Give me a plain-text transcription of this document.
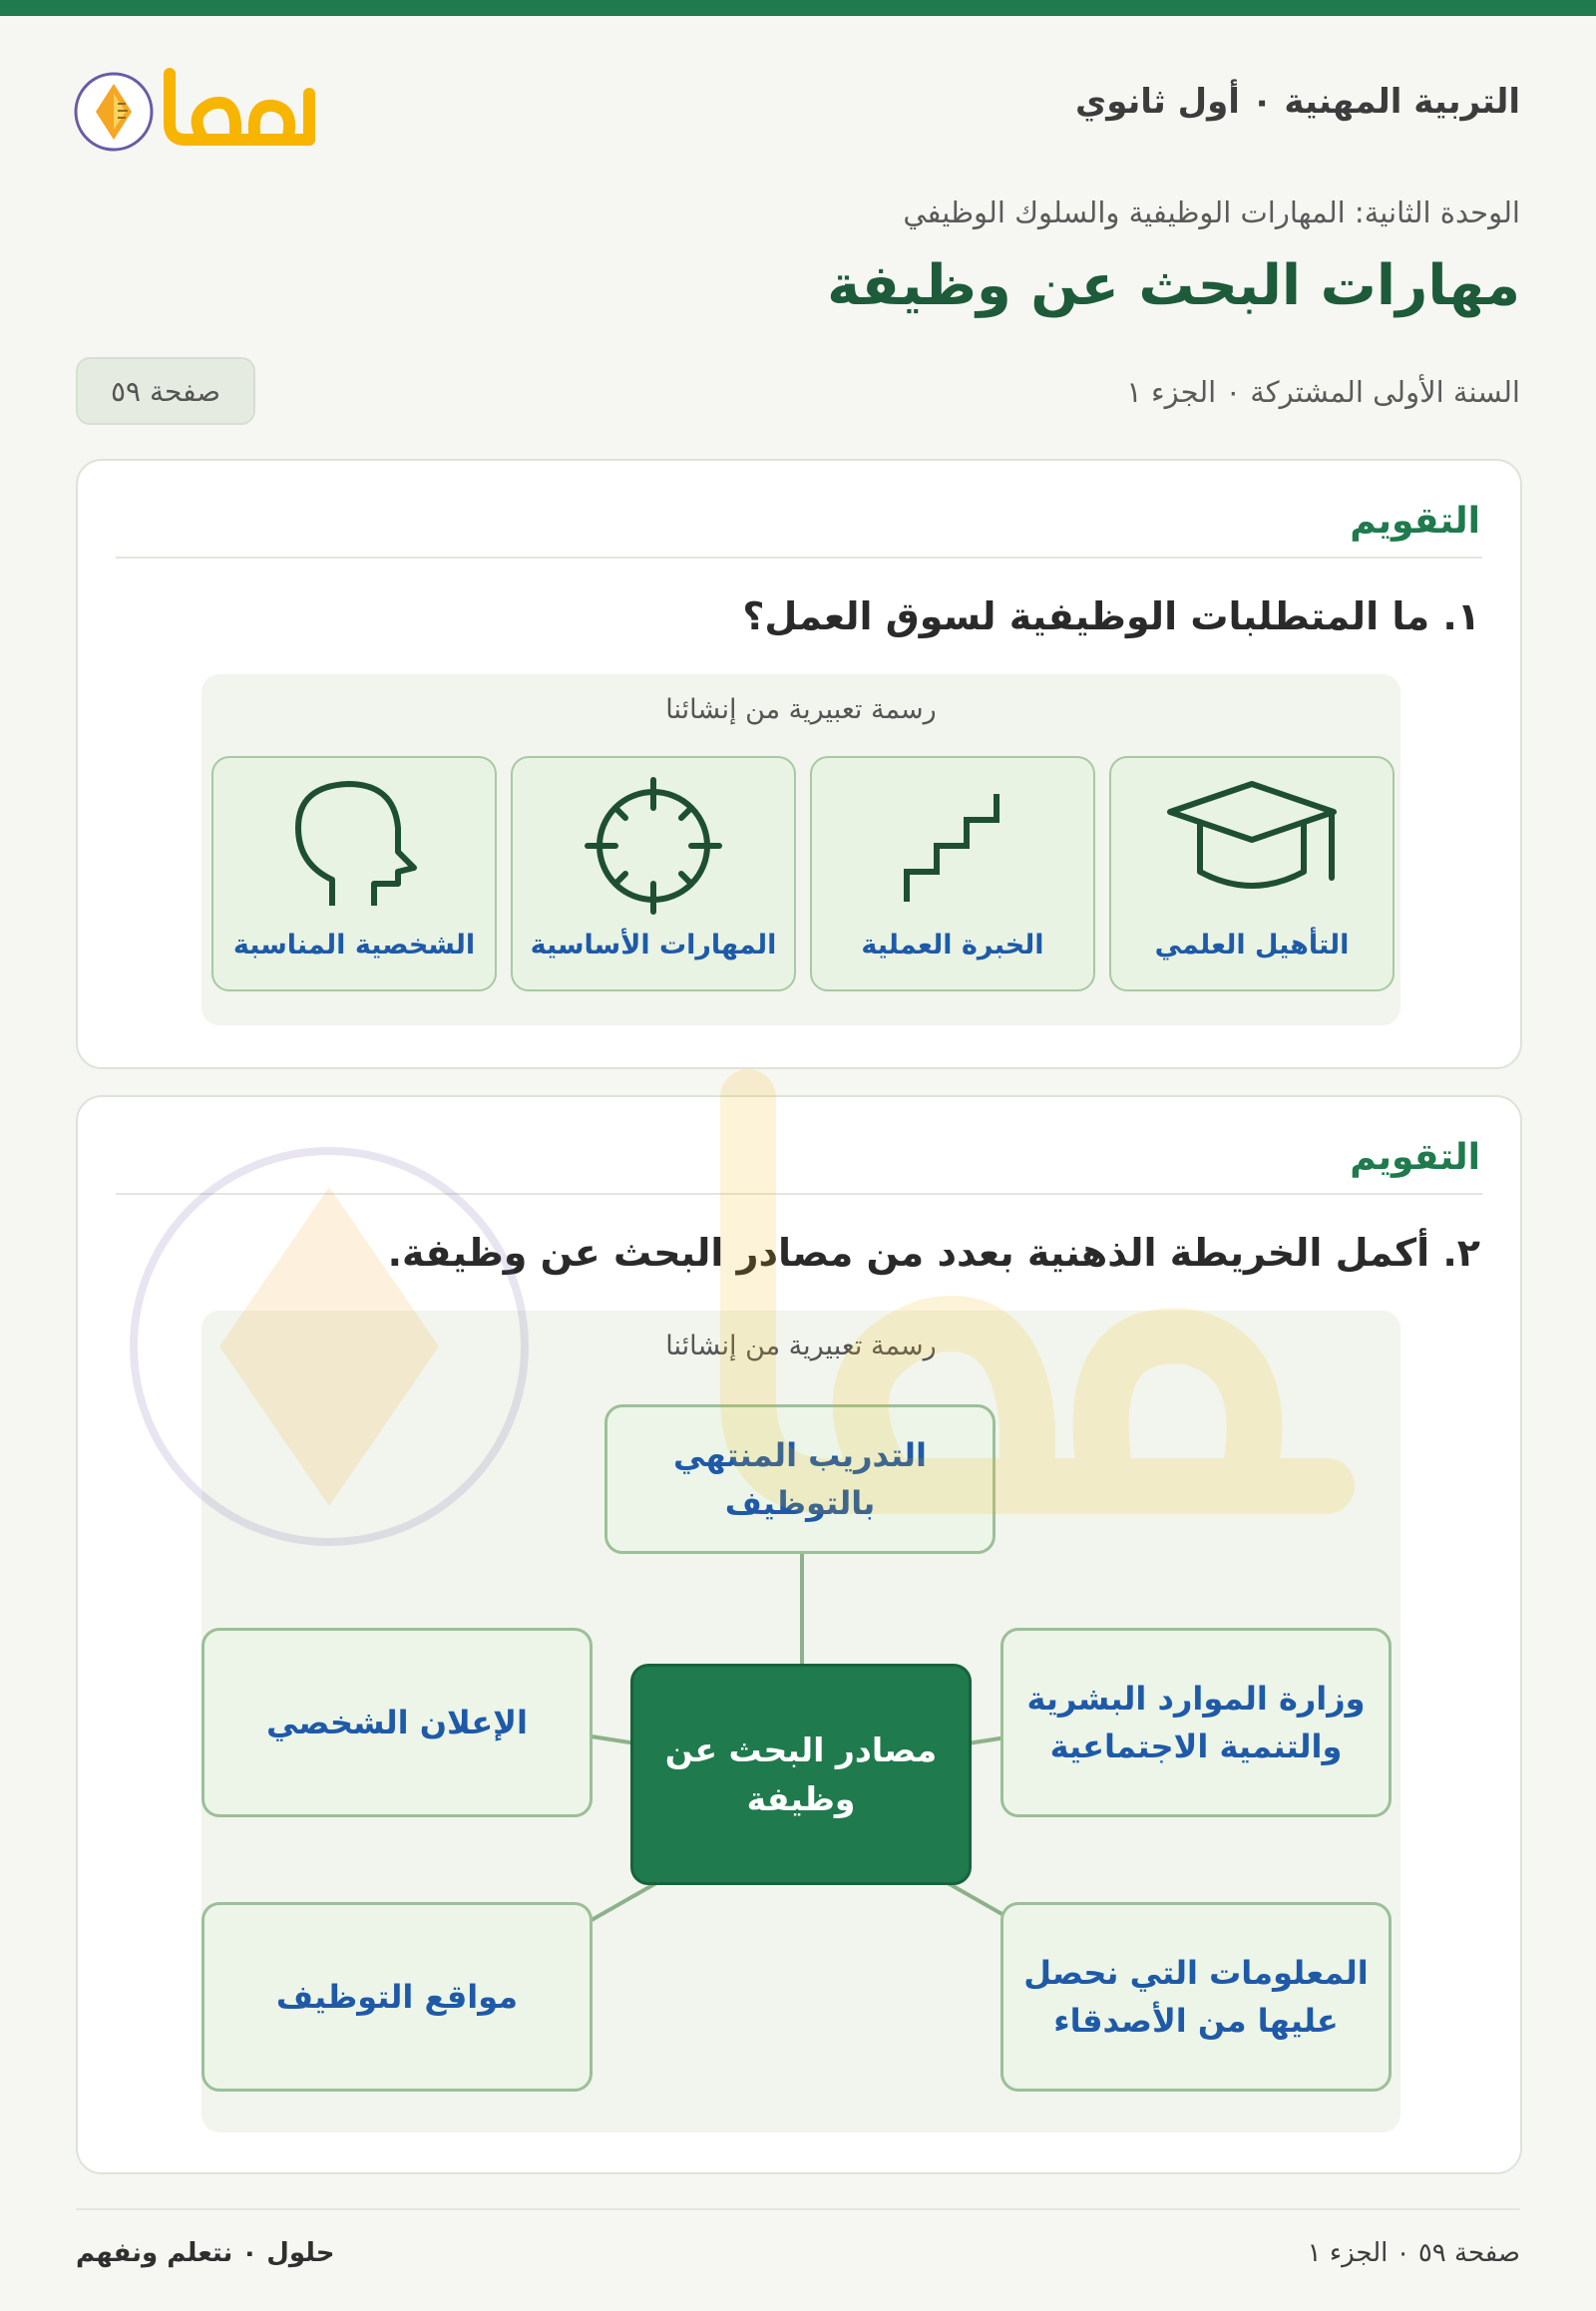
التربية المهنية ٠ أول ثانوي
الوحدة الثانية: المهارات الوظيفية والسلوك الوظيفي
مهارات البحث عن وظيفة
السنة الأولى المشتركة ٠ الجزء ١
صفحة ٥٩
التقويم
١. ما المتطلبات الوظيفية لسوق العمل؟
رسمة تعبيرية من إنشائنا
التأهيل العلمي
الخبرة العملية
المهارات الأساسية
الشخصية المناسبة
التقويم
٢. أكمل الخريطة الذهنية بعدد من مصادر البحث عن وظيفة.
رسمة تعبيرية من إنشائنا
التدريب المنتهي بالتوظيف
وزارة الموارد البشرية والتنمية الاجتماعية
الإعلان الشخصي
المعلومات التي نحصل عليها من الأصدقاء
مواقع التوظيف
مصادر البحث عن وظيفة
صفحة ٥٩ ٠ الجزء ١
حلول ٠ نتعلم ونفهم
